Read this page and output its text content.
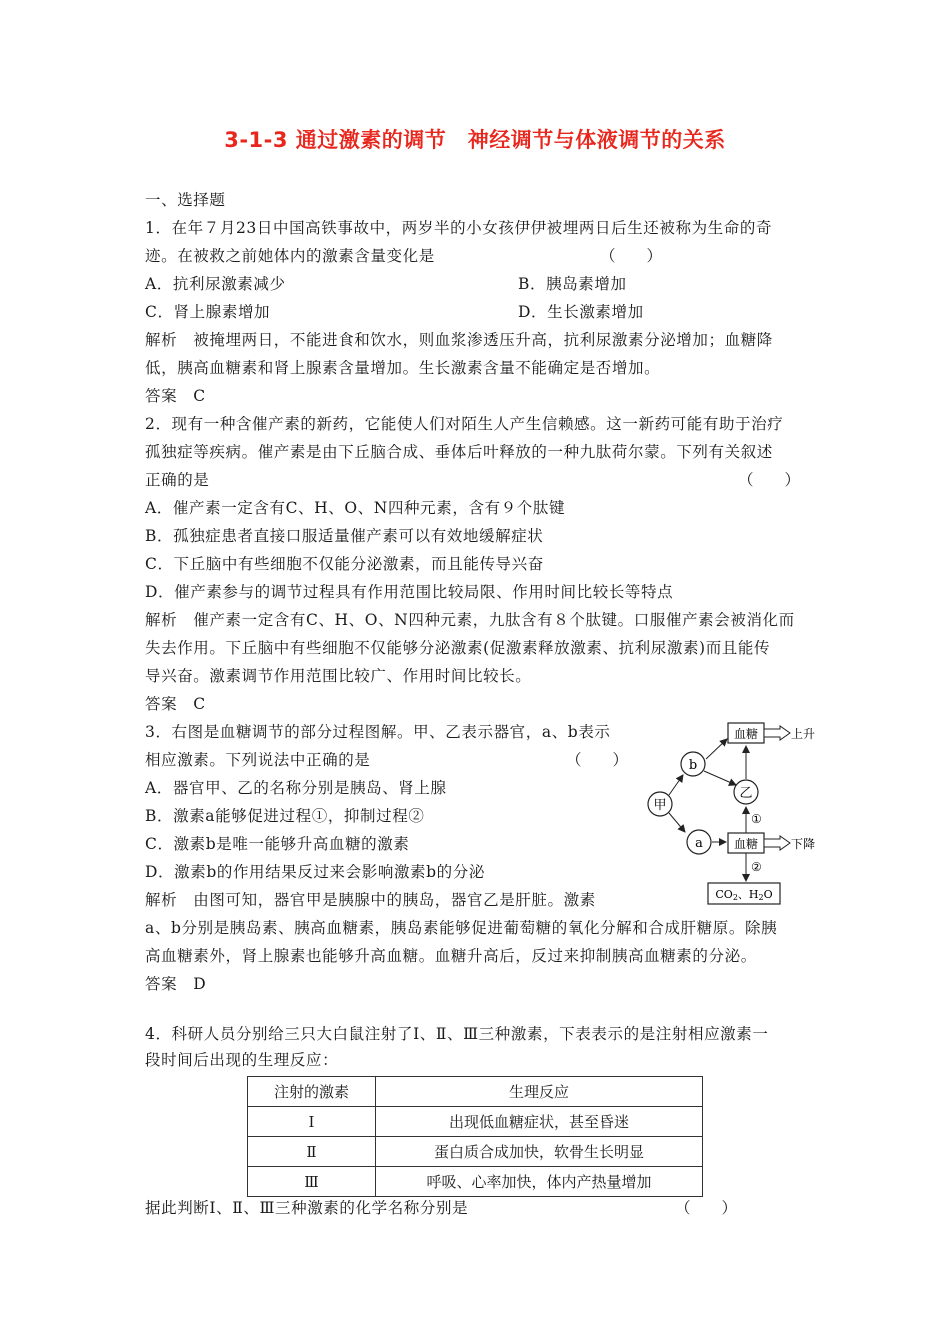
3-1-3 通过激素的调节　神经调节与体液调节的关系
一、选择题
1．在年７月23日中国高铁事故中，两岁半的小女孩伊伊被埋两日后生还被称为生命的奇
迹。在被救之前她体内的激素含量变化是	（　　）
A．抗利尿激素减少	B．胰岛素增加
C．肾上腺素增加	D．生长激素增加
解析　被掩埋两日，不能进食和饮水，则血浆渗透压升高，抗利尿激素分泌增加；血糖降
低，胰高血糖素和肾上腺素含量增加。生长激素含量不能确定是否增加。
答案　C
2．现有一种含催产素的新药，它能使人们对陌生人产生信赖感。这一新药可能有助于治疗
孤独症等疾病。催产素是由下丘脑合成、垂体后叶释放的一种九肽荷尔蒙。下列有关叙述
正确的是	（　　）
A．催产素一定含有C、H、O、N四种元素，含有９个肽键
B．孤独症患者直接口服适量催产素可以有效地缓解症状
C．下丘脑中有些细胞不仅能分泌激素，而且能传导兴奋
D．催产素参与的调节过程具有作用范围比较局限、作用时间比较长等特点
解析　催产素一定含有C、H、O、N四种元素，九肽含有８个肽键。口服催产素会被消化而
失去作用。下丘脑中有些细胞不仅能够分泌激素(促激素释放激素、抗利尿激素)而且能传
导兴奋。激素调节作用范围比较广、作用时间比较长。
答案　C
3．右图是血糖调节的部分过程图解。甲、乙表示器官，a、b表示
相应激素。下列说法中正确的是	（　　）
A．器官甲、乙的名称分别是胰岛、肾上腺
B．激素a能够促进过程①，抑制过程②
C．激素b是唯一能够升高血糖的激素
D．激素b的作用结果反过来会影响激素b的分泌
解析　由图可知，器官甲是胰腺中的胰岛，器官乙是肝脏。激素
a、b分别是胰岛素、胰高血糖素，胰岛素能够促进葡萄糖的氧化分解和合成肝糖原。除胰
高血糖素外，肾上腺素也能够升高血糖。血糖升高后，反过来抑制胰高血糖素的分泌。
答案　D
血糖	上升
b
乙
甲
a	血糖	下降
①
②
CO2、H2O
4．科研人员分别给三只大白鼠注射了Ⅰ、Ⅱ、Ⅲ三种激素，下表表示的是注射相应激素一
段时间后出现的生理反应：
注射的激素	生理反应
Ⅰ	出现低血糖症状，甚至昏迷
Ⅱ	蛋白质合成加快，软骨生长明显
Ⅲ	呼吸、心率加快，体内产热量增加
据此判断Ⅰ、Ⅱ、Ⅲ三种激素的化学名称分别是	（　　）
